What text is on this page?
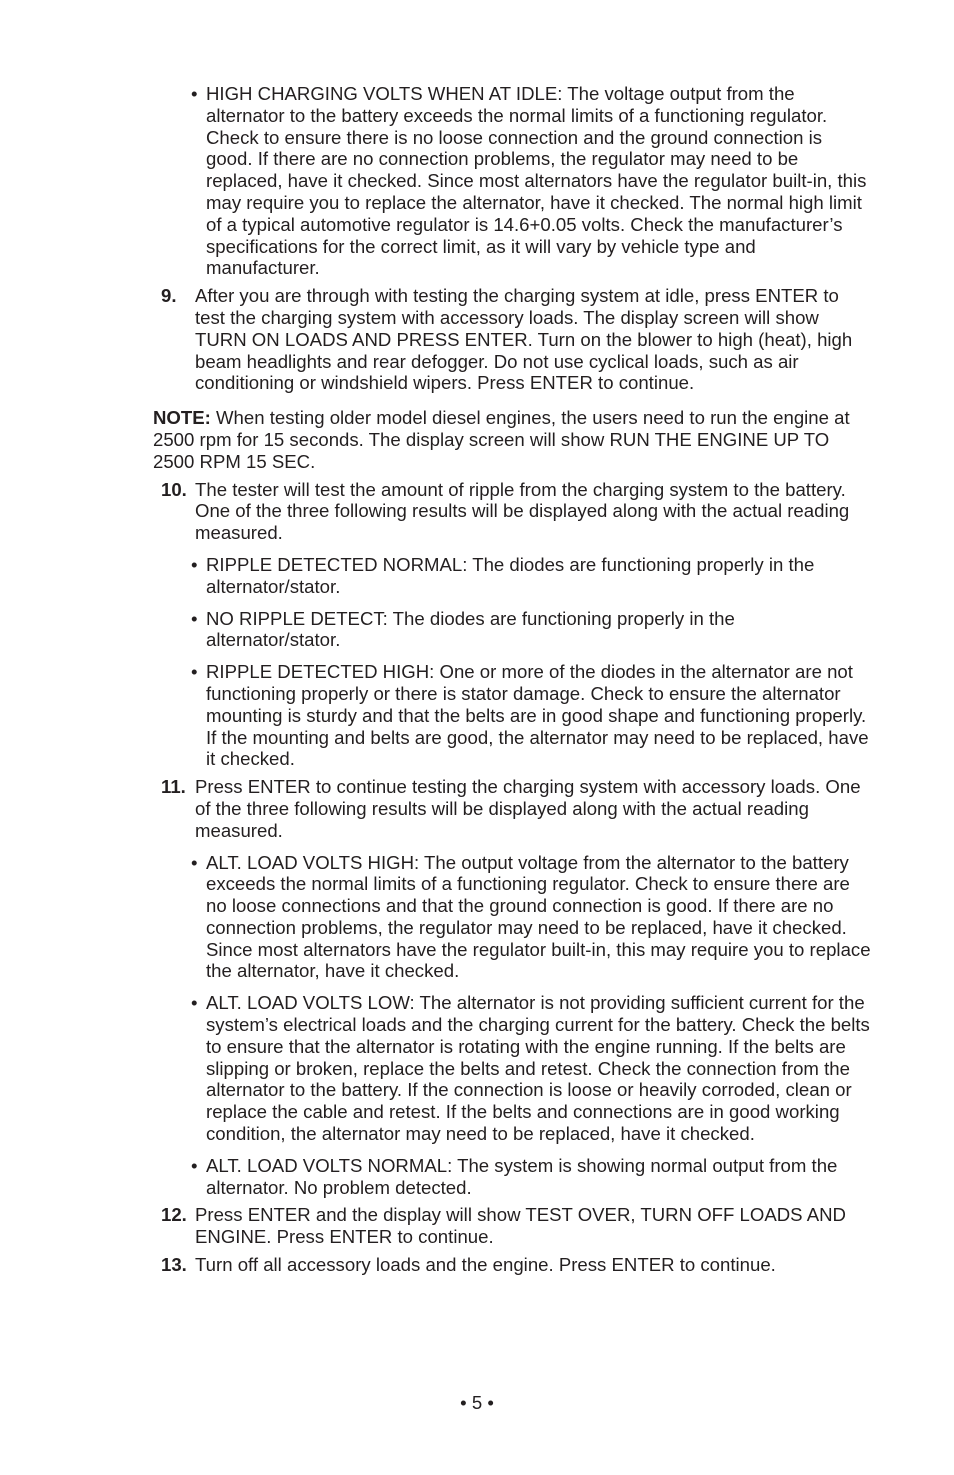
• HIGH CHARGING VOLTS WHEN AT IDLE: The voltage output from the alternator to the battery exceeds the normal limits of a functioning regulator. Check to ensure there is no loose connection and the ground connection is good. If there are no connection problems, the regulator may need to be replaced, have it checked. Since most alternators have the regulator built-in, this may require you to replace the alternator, have it checked. The normal high limit of a typical automotive regulator is 14.6+0.05 volts. Check the manufacturer’s specifications for the correct limit, as it will vary by vehicle type and manufacturer.
9. After you are through with testing the charging system at idle, press ENTER to test the charging system with accessory loads. The display screen will show TURN ON LOADS AND PRESS ENTER. Turn on the blower to high (heat), high beam headlights and rear defogger. Do not use cyclical loads, such as air conditioning or windshield wipers. Press ENTER to continue.

NOTE: When testing older model diesel engines, the users need to run the engine at 2500 rpm for 15 seconds. The display screen will show RUN THE ENGINE UP TO 2500 RPM 15 SEC.

10. The tester will test the amount of ripple from the charging system to the battery. One of the three following results will be displayed along with the actual reading measured.
• RIPPLE DETECTED NORMAL: The diodes are functioning properly in the alternator/stator.
• NO RIPPLE DETECT: The diodes are functioning properly in the alternator/stator.
• RIPPLE DETECTED HIGH: One or more of the diodes in the alternator are not functioning properly or there is stator damage. Check to ensure the alternator mounting is sturdy and that the belts are in good shape and functioning properly. If the mounting and belts are good, the alternator may need to be replaced, have it checked.
11. Press ENTER to continue testing the charging system with accessory loads. One of the three following results will be displayed along with the actual reading measured.
• ALT. LOAD VOLTS HIGH: The output voltage from the alternator to the battery exceeds the normal limits of a functioning regulator. Check to ensure there are no loose connections and that the ground connection is good. If there are no connection problems, the regulator may need to be replaced, have it checked. Since most alternators have the regulator built-in, this may require you to replace the alternator, have it checked.
• ALT. LOAD VOLTS LOW: The alternator is not providing sufficient current for the system’s electrical loads and the charging current for the battery. Check the belts to ensure that the alternator is rotating with the engine running. If the belts are slipping or broken, replace the belts and retest. Check the connection from the alternator to the battery. If the connection is loose or heavily corroded, clean or replace the cable and retest. If the belts and connections are in good working condition, the alternator may need to be replaced, have it checked.
• ALT. LOAD VOLTS NORMAL: The system is showing normal output from the alternator. No problem detected.
12. Press ENTER and the display will show TEST OVER, TURN OFF LOADS AND ENGINE. Press ENTER to continue.
13. Turn off all accessory loads and the engine. Press ENTER to continue.
• 5 •
